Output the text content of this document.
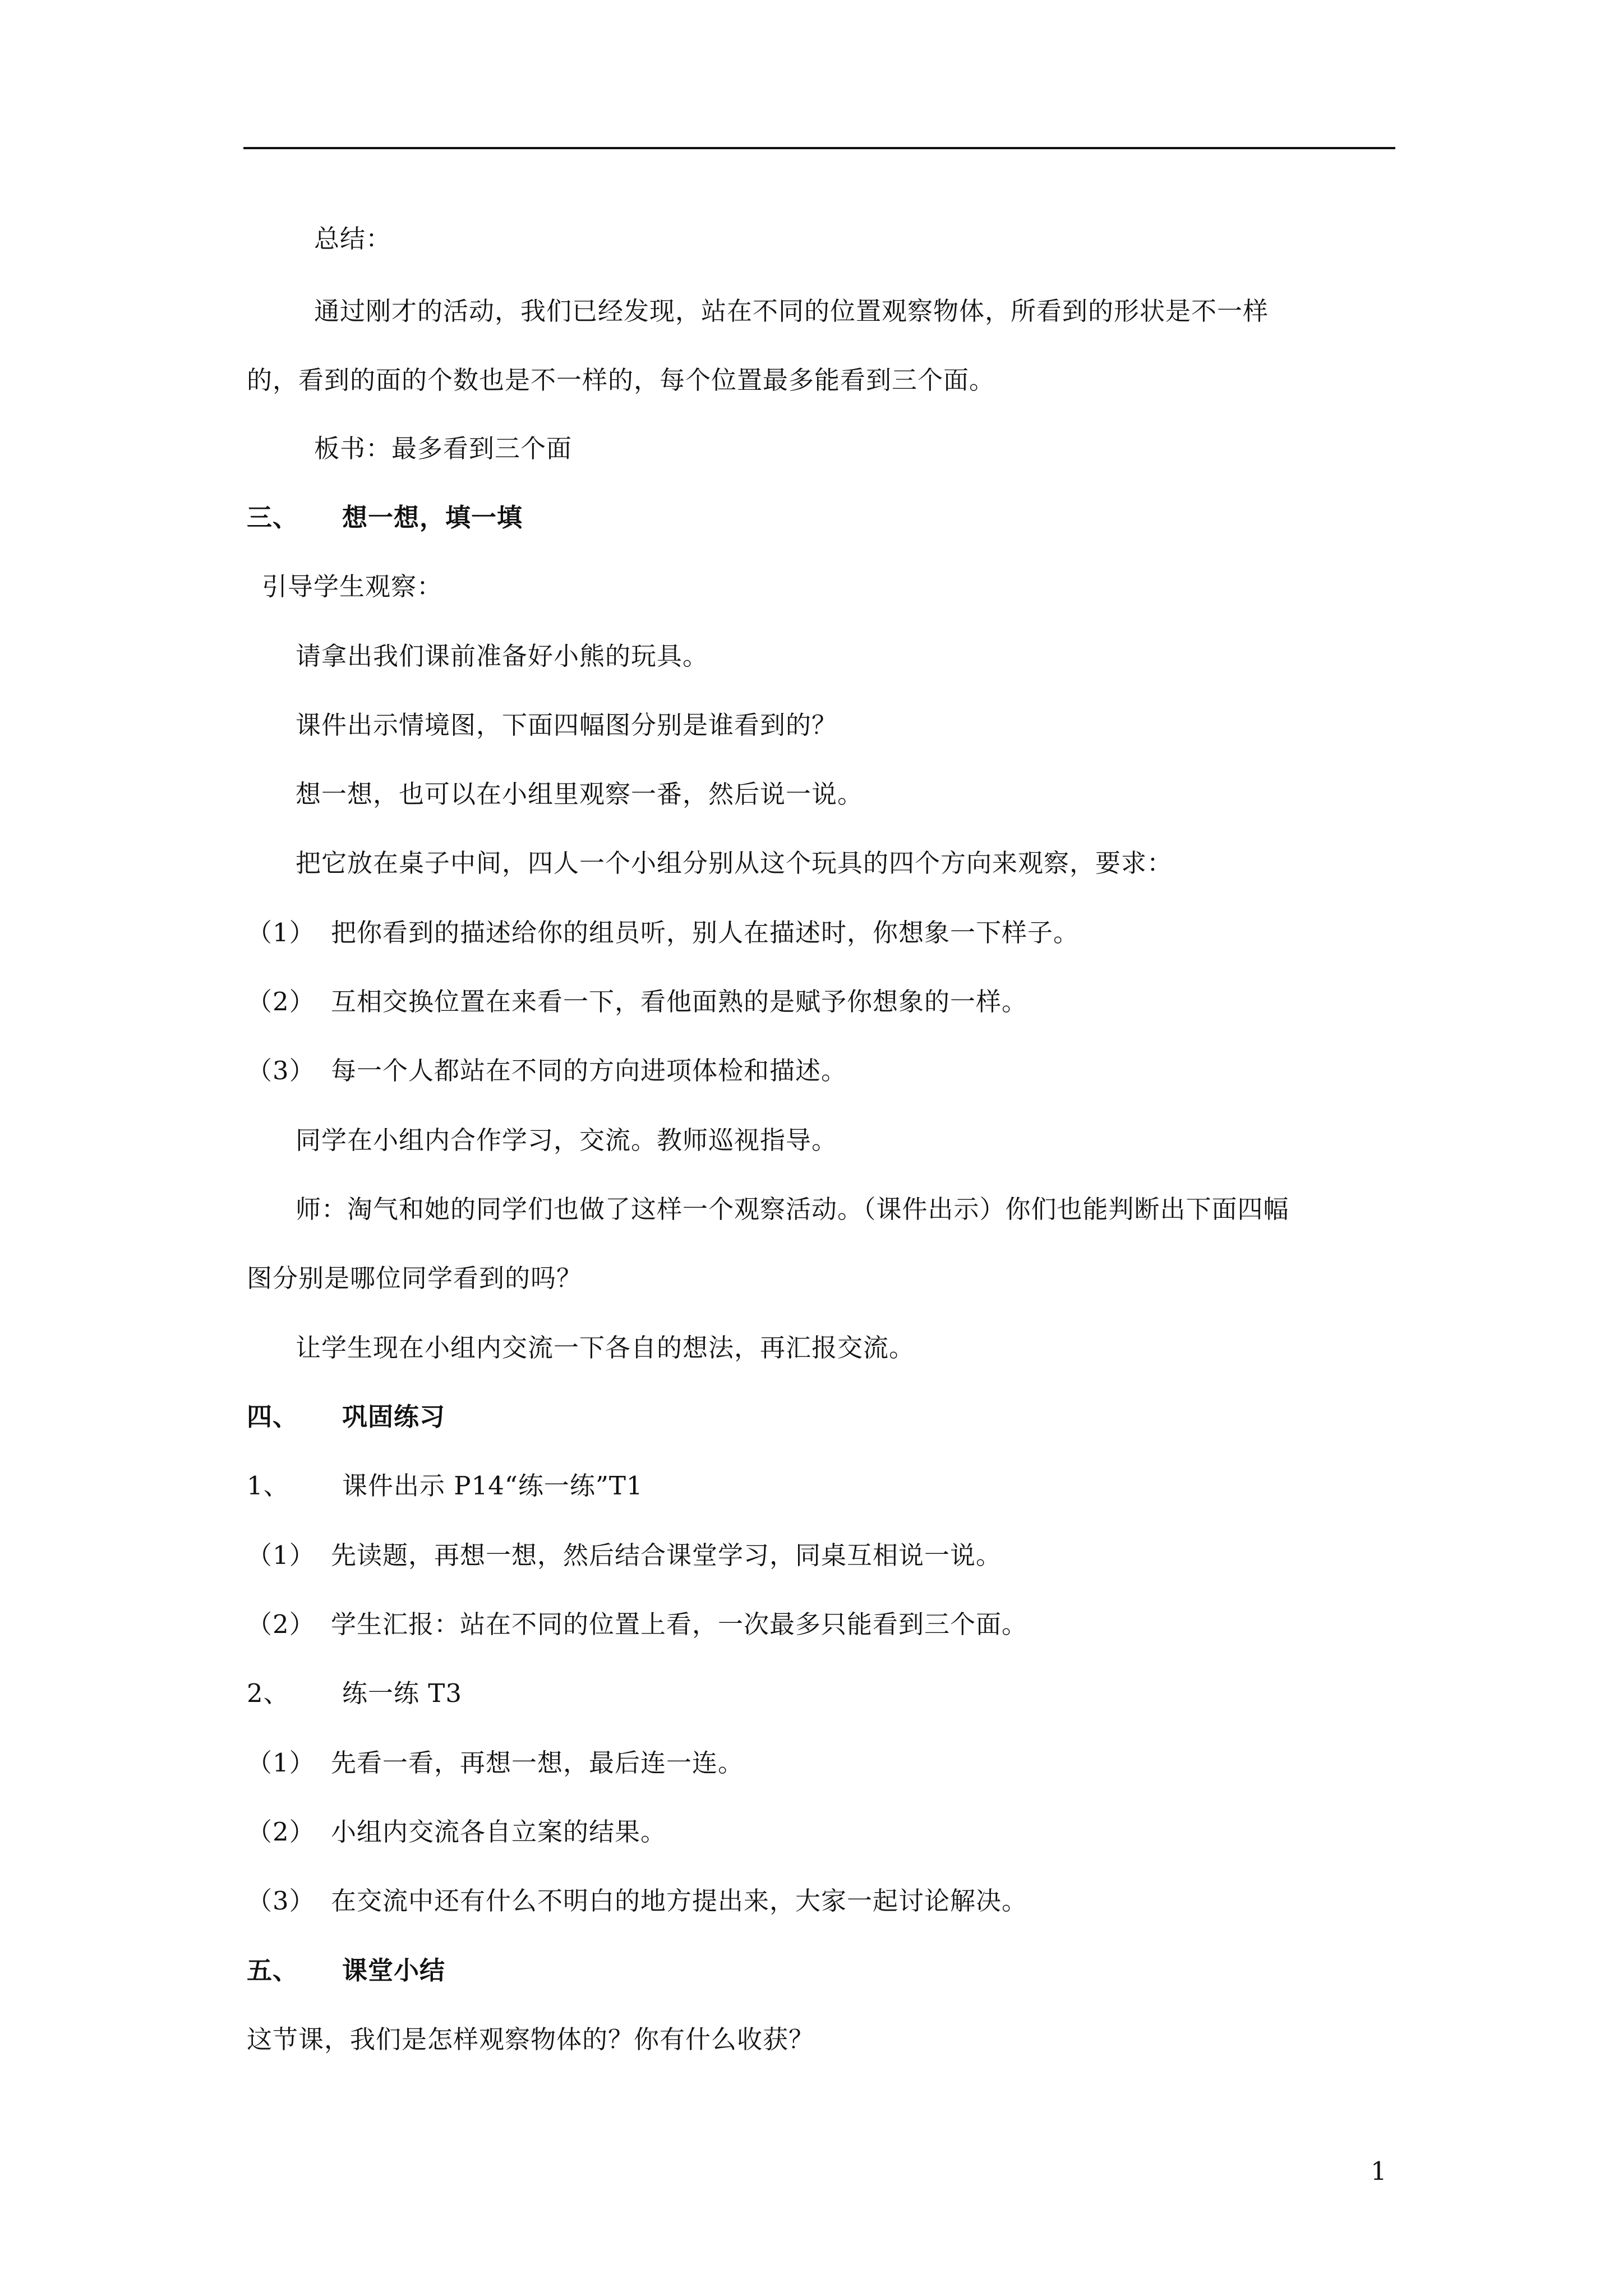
总结：
通过刚才的活动，我们已经发现，站在不同的位置观察物体，所看到的形状是不一样
的，看到的面的个数也是不一样的，每个位置最多能看到三个面。
板书：最多看到三个面
三、 想一想，填一填
引导学生观察：
请拿出我们课前准备好小熊的玩具。
课件出示情境图，下面四幅图分别是谁看到的？
想一想，也可以在小组里观察一番，然后说一说。
把它放在桌子中间，四人一个小组分别从这个玩具的四个方向来观察，要求：
（1） 把你看到的描述给你的组员听，别人在描述时，你想象一下样子。
（2） 互相交换位置在来看一下，看他面熟的是赋予你想象的一样。
（3） 每一个人都站在不同的方向进项体检和描述。
同学在小组内合作学习，交流。教师巡视指导。
师：淘气和她的同学们也做了这样一个观察活动。（课件出示）你们也能判断出下面四幅
图分别是哪位同学看到的吗？
让学生现在小组内交流一下各自的想法，再汇报交流。
四、 巩固练习
1、 课件出示 P14“练一练”T1
（1） 先读题，再想一想，然后结合课堂学习，同桌互相说一说。
（2） 学生汇报：站在不同的位置上看，一次最多只能看到三个面。
2、 练一练 T3
（1） 先看一看，再想一想，最后连一连。
（2） 小组内交流各自立案的结果。
（3） 在交流中还有什么不明白的地方提出来，大家一起讨论解决。
五、 课堂小结
这节课，我们是怎样观察物体的？你有什么收获？
1
